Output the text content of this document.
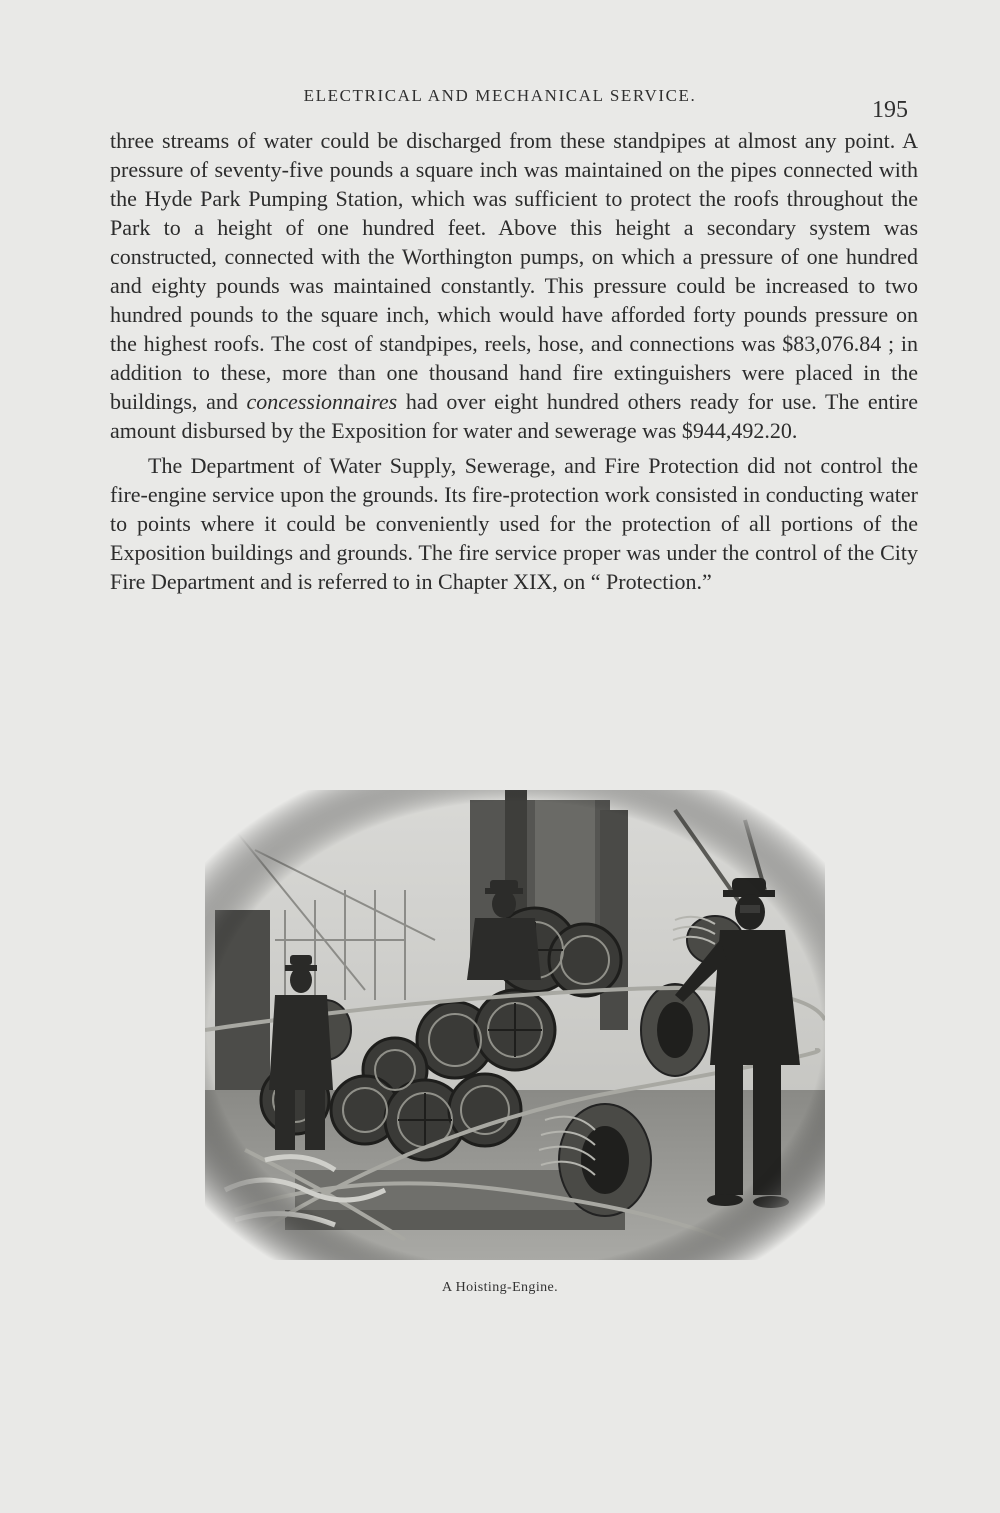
ELECTRICAL AND MECHANICAL SERVICE.
195

three streams of water could be discharged from these standpipes at almost any point. A pressure of seventy-five pounds a square inch was maintained on the pipes connected with the Hyde Park Pumping Station, which was sufficient to protect the roofs throughout the Park to a height of one hundred feet. Above this height a secondary system was constructed, connected with the Worthington pumps, on which a pressure of one hundred and eighty pounds was maintained constantly. This pressure could be increased to two hundred pounds to the square inch, which would have afforded forty pounds pressure on the highest roofs. The cost of standpipes, reels, hose, and connections was $83,076.84 ; in addition to these, more than one thousand hand fire extinguishers were placed in the buildings, and concessionnaires had over eight hundred others ready for use. The entire amount disbursed by the Exposition for water and sewerage was $944,492.20.

The Department of Water Supply, Sewerage, and Fire Protection did not control the fire-engine service upon the grounds. Its fire-protection work consisted in conducting water to points where it could be conveniently used for the protection of all portions of the Exposition buildings and grounds. The fire service proper was under the control of the City Fire Department and is referred to in Chapter XIX, on “ Protection.”

A Hoisting-Engine.
